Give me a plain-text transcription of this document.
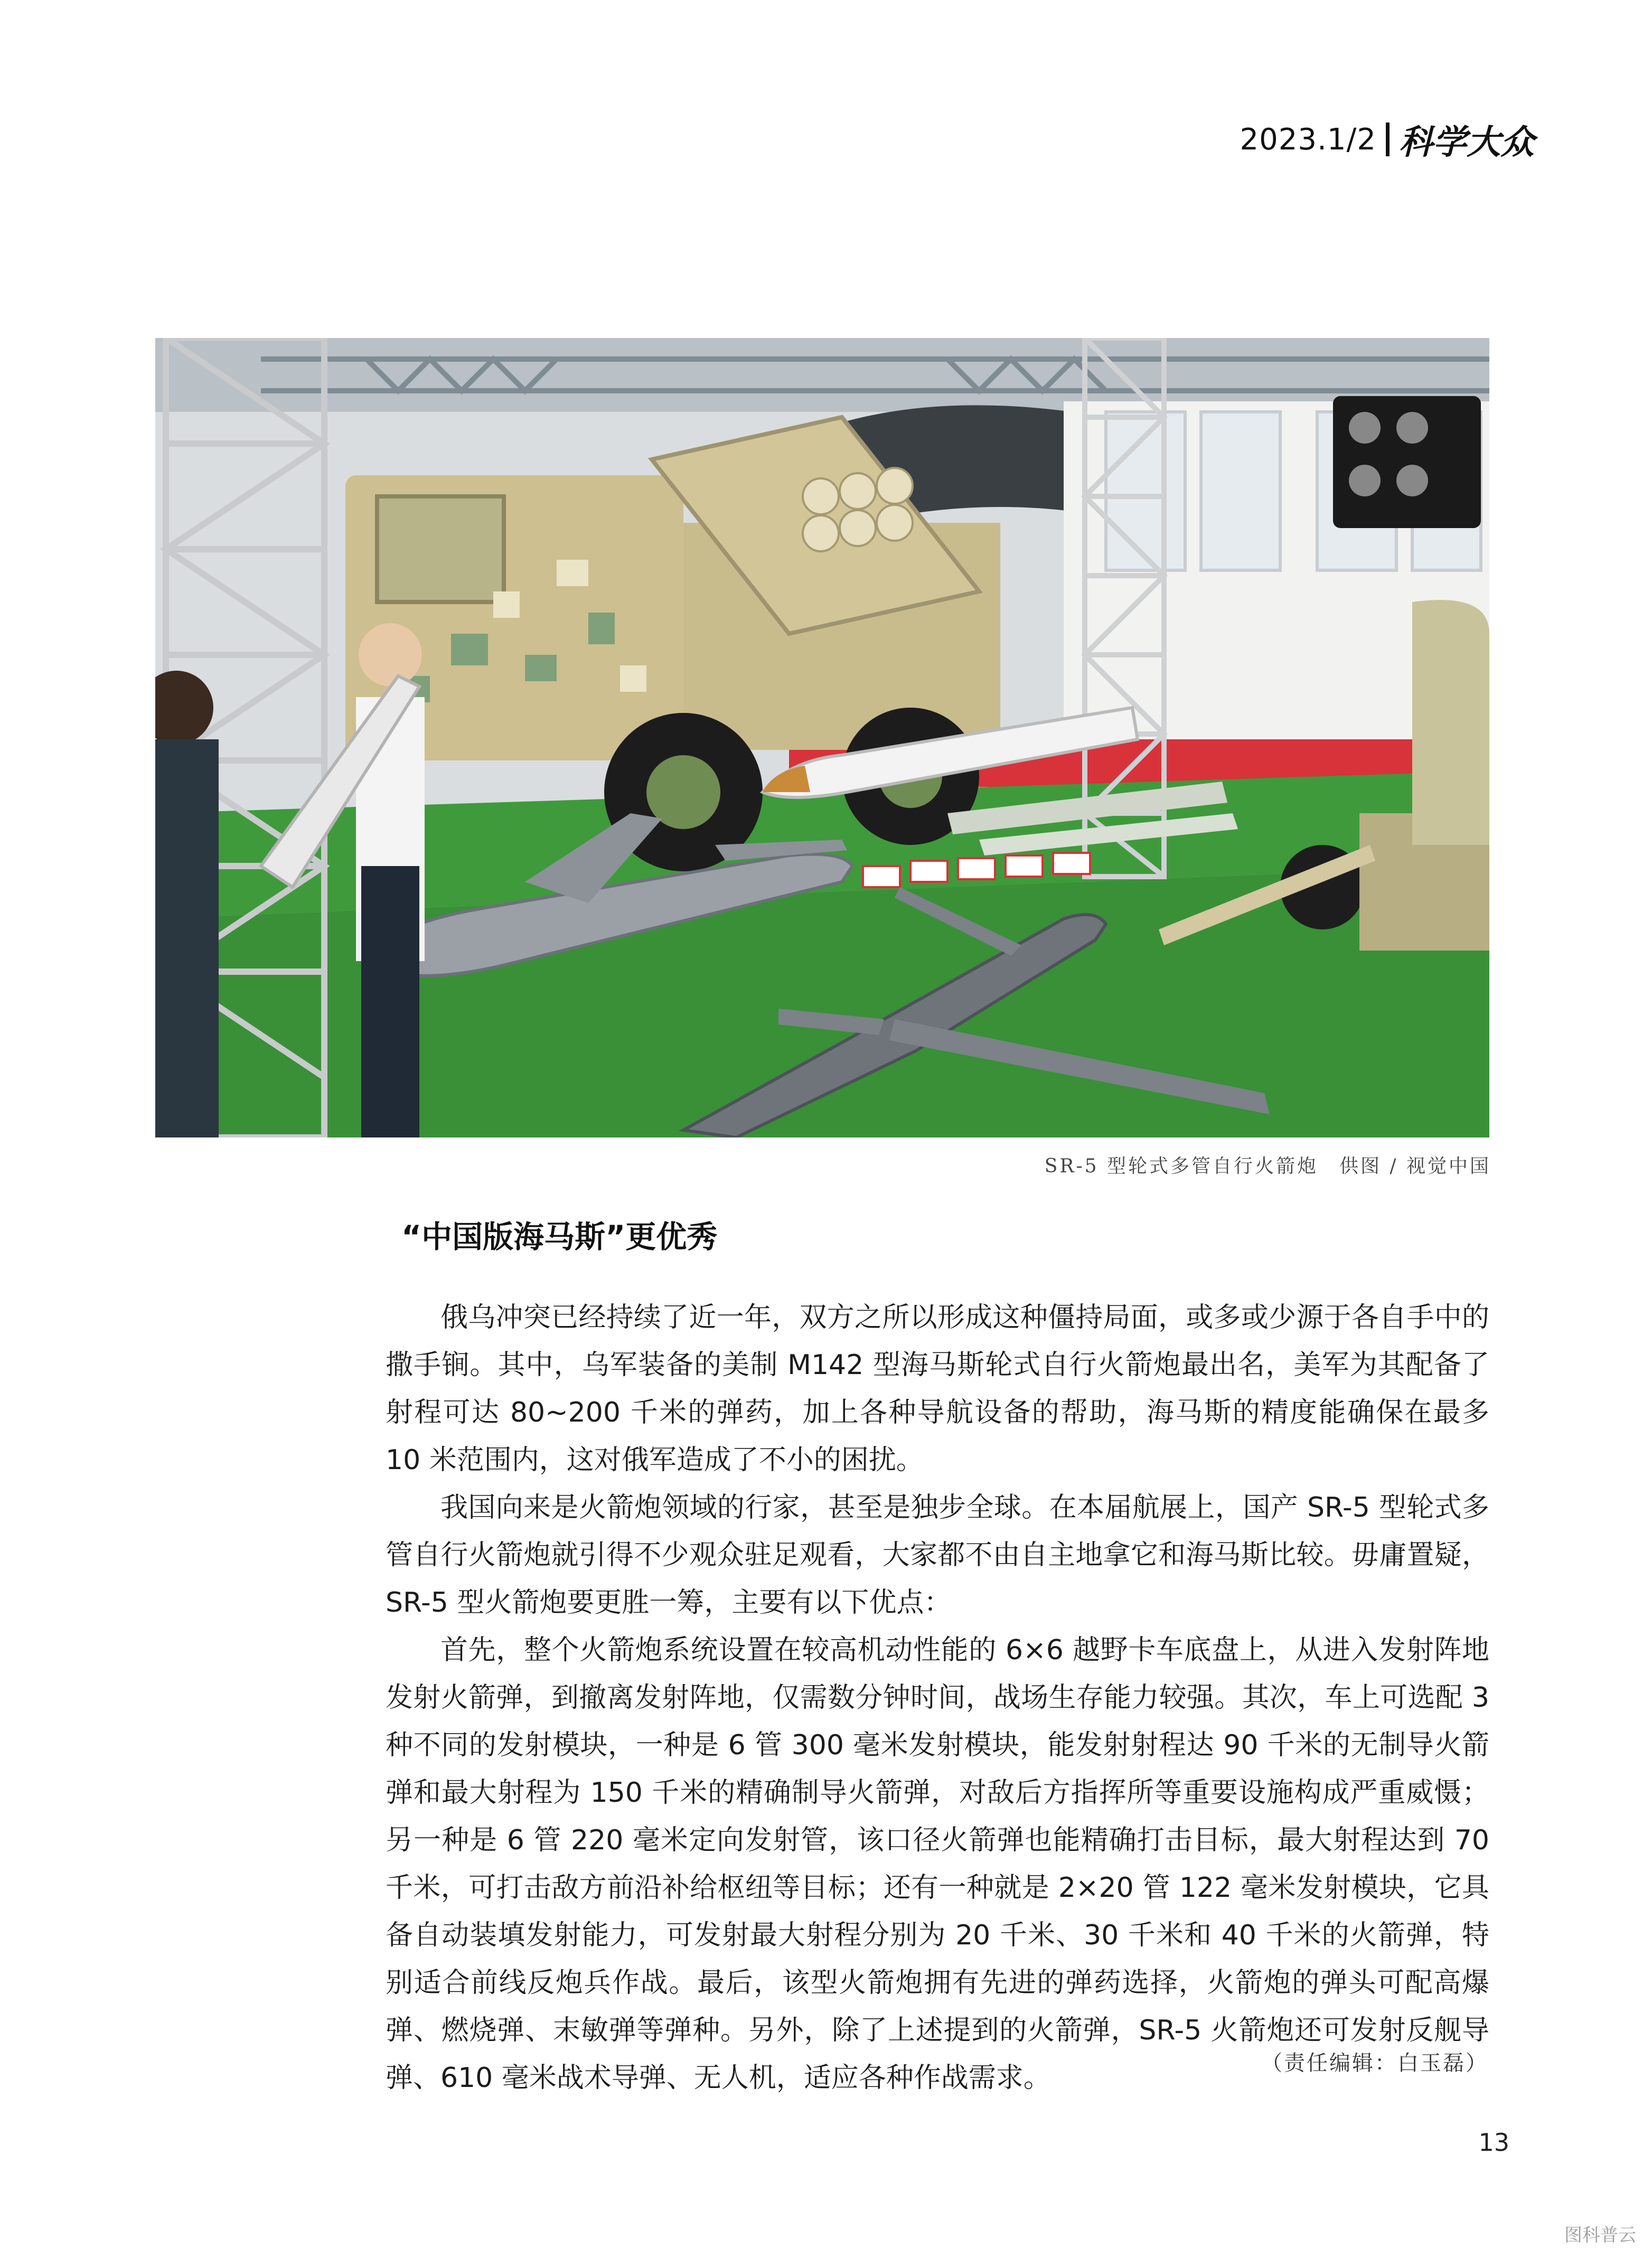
2023.1/2 科学大众
SR-5 型轮式多管自行火箭炮 供图 / 视觉中国
“中国版海马斯”更优秀

俄乌冲突已经持续了近一年，双方之所以形成这种僵持局面，或多或少源于各自手中的撒手锏。其中，乌军装备的美制 M142 型海马斯轮式自行火箭炮最出名，美军为其配备了射程可达 80~200 千米的弹药，加上各种导航设备的帮助，海马斯的精度能确保在最多 10 米范围内，这对俄军造成了不小的困扰。

我国向来是火箭炮领域的行家，甚至是独步全球。在本届航展上，国产 SR-5 型轮式多管自行火箭炮就引得不少观众驻足观看，大家都不由自主地拿它和海马斯比较。毋庸置疑，SR-5 型火箭炮要更胜一筹，主要有以下优点：

首先，整个火箭炮系统设置在较高机动性能的 6×6 越野卡车底盘上，从进入发射阵地发射火箭弹，到撤离发射阵地，仅需数分钟时间，战场生存能力较强。其次，车上可选配 3 种不同的发射模块，一种是 6 管 300 毫米发射模块，能发射射程达 90 千米的无制导火箭弹和最大射程为 150 千米的精确制导火箭弹，对敌后方指挥所等重要设施构成严重威慑；另一种是 6 管 220 毫米定向发射管，该口径火箭弹也能精确打击目标，最大射程达到 70 千米，可打击敌方前沿补给枢纽等目标；还有一种就是 2×20 管 122 毫米发射模块，它具备自动装填发射能力，可发射最大射程分别为 20 千米、30 千米和 40 千米的火箭弹，特别适合前线反炮兵作战。最后，该型火箭炮拥有先进的弹药选择，火箭炮的弹头可配高爆弹、燃烧弹、末敏弹等弹种。另外，除了上述提到的火箭弹，SR-5 火箭炮还可发射反舰导弹、610 毫米战术导弹、无人机，适应各种作战需求。	（责任编辑：白玉磊）
13
图科普云
